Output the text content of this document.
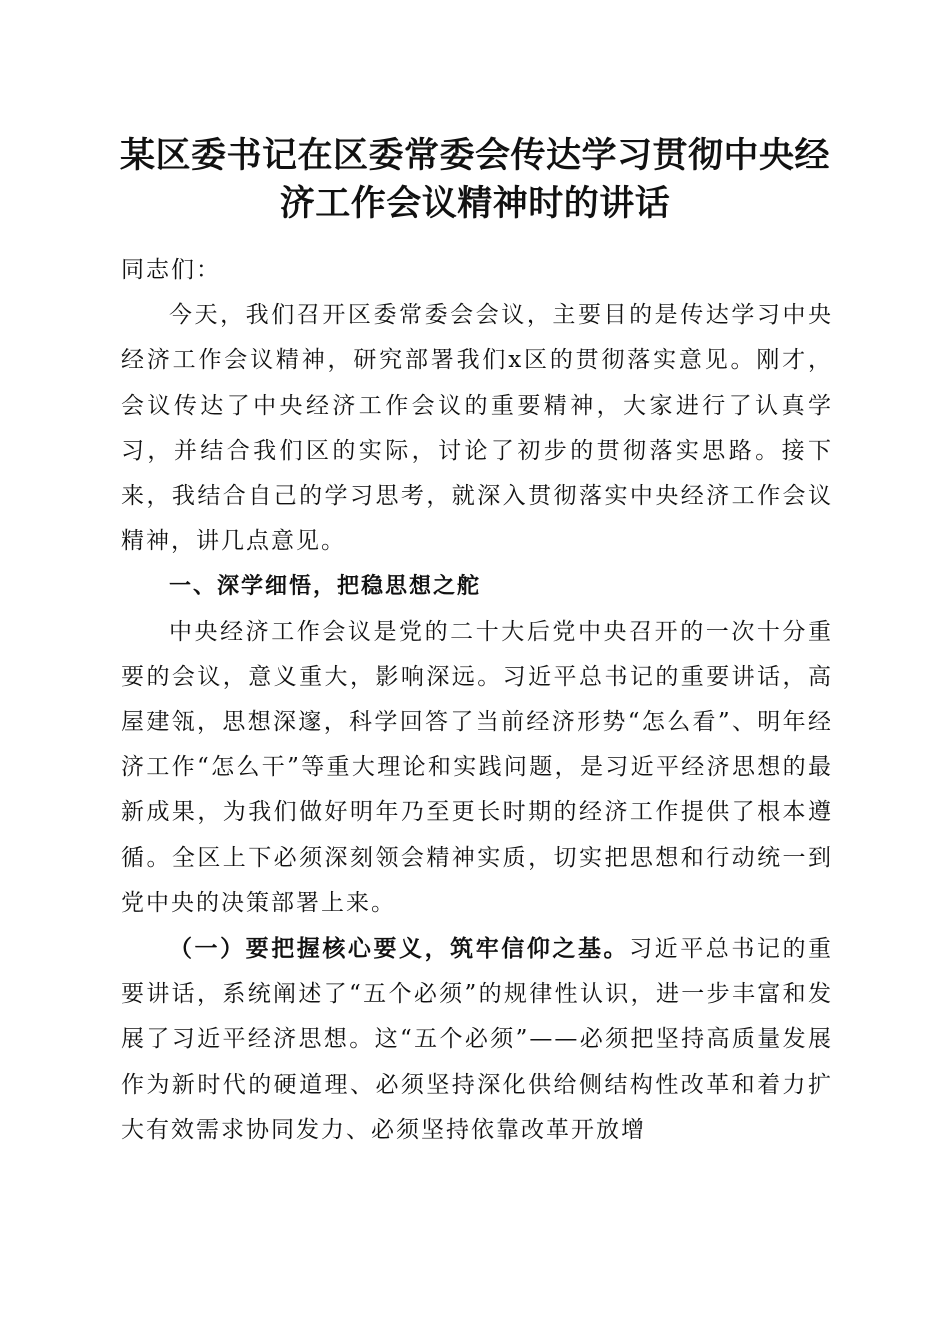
某区委书记在区委常委会传达学习贯彻中央经
济工作会议精神时的讲话

同志们：

今天，我们召开区委常委会会议，主要目的是传达学习中央经济工作会议精神，研究部署我们x区的贯彻落实意见。刚才，会议传达了中央经济工作会议的重要精神，大家进行了认真学习，并结合我们区的实际，讨论了初步的贯彻落实思路。接下来，我结合自己的学习思考，就深入贯彻落实中央经济工作会议精神，讲几点意见。

一、深学细悟，把稳思想之舵

中央经济工作会议是党的二十大后党中央召开的一次十分重要的会议，意义重大，影响深远。习近平总书记的重要讲话，高屋建瓴，思想深邃，科学回答了当前经济形势“怎么看”、明年经济工作“怎么干”等重大理论和实践问题，是习近平经济思想的最新成果，为我们做好明年乃至更长时期的经济工作提供了根本遵循。全区上下必须深刻领会精神实质，切实把思想和行动统一到党中央的决策部署上来。

（一）要把握核心要义，筑牢信仰之基。习近平总书记的重要讲话，系统阐述了“五个必须”的规律性认识，进一步丰富和发展了习近平经济思想。这“五个必须”——必须把坚持高质量发展作为新时代的硬道理、必须坚持深化供给侧结构性改革和着力扩大有效需求协同发力、必须坚持依靠改革开放增
